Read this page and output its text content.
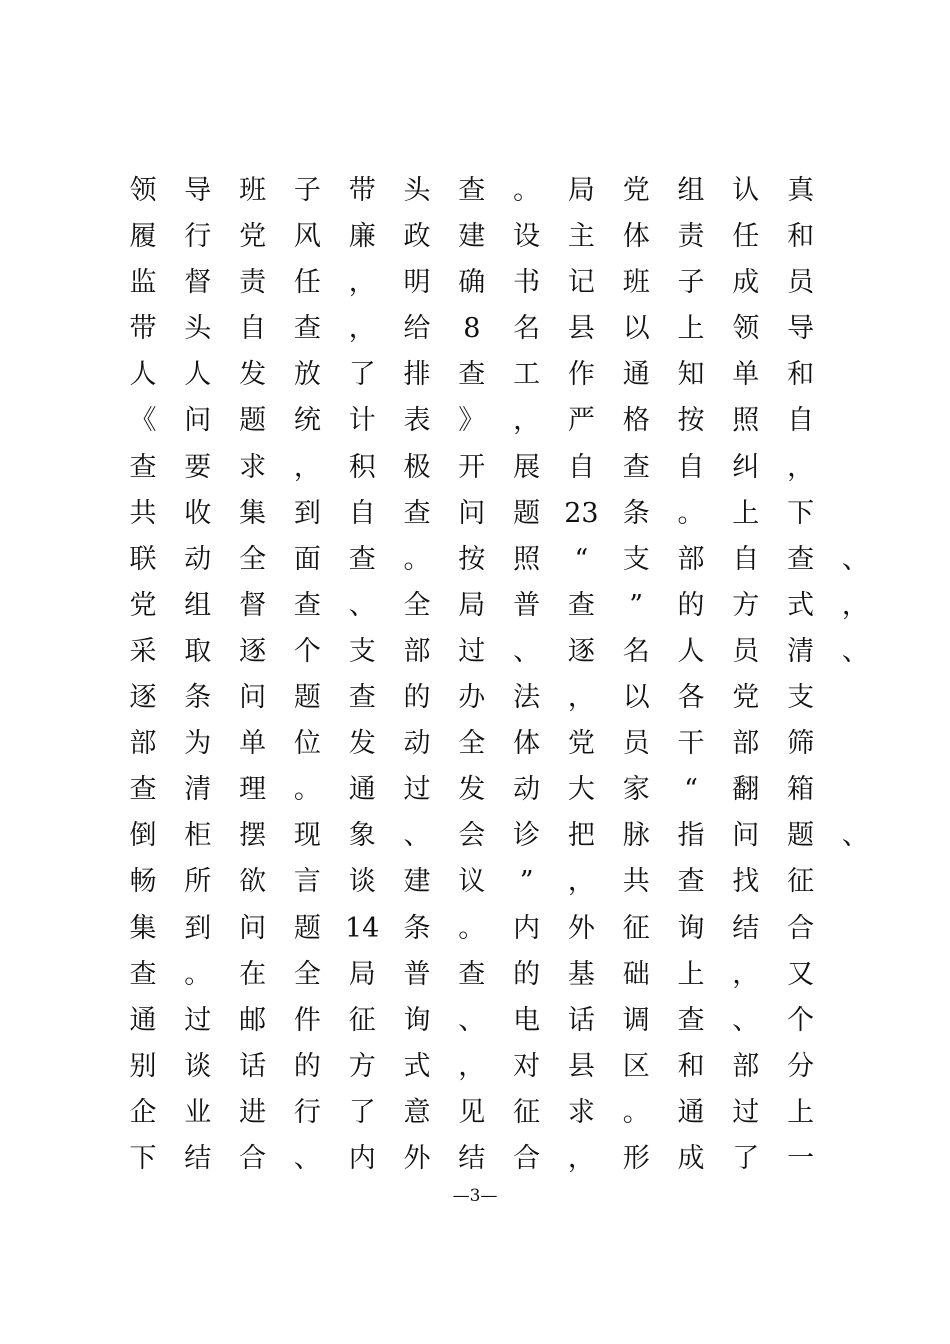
领 导 班 子 带 头 查 。 局 党 组 认 真
履 行 党 风 廉 政 建 设 主 体 责 任 和
监 督 责 任 ， 明 确 书 记 班 子 成 员
带 头 自 查 ， 给	8	名 县 以 上 领 导
人 人 发 放 了 排 查 工 作 通 知 单 和
《 问 题 统 计 表 》 ， 严 格 按 照 自
查 要 求 ， 积 极 开 展 自 查 自 纠 ，
共 收 集 到 自 查 问 题 23 条 。 上 下
联 动 全 面 查 。 按 照	“	支 部 自 查 、
党 组 督 查 、 全 局 普 查	”	的 方 式 ，
采 取 逐 个 支 部 过 、 逐 名 人 员 清 、
逐 条 问 题 查 的 办 法 ， 以 各 党 支
部 为 单 位 发 动 全 体 党 员 干 部 筛
查 清 理 。 通 过 发 动 大 家	“	翻 箱
倒 柜 摆 现 象 、 会 诊 把 脉 指 问 题 、
畅 所 欲 言 谈 建 议	”	， 共 查 找 征
集 到 问 题 14 条 。 内 外 征 询 结 合
查 。 在 全 局 普 查 的 基 础 上 ， 又
通 过 邮 件 征 询 、 电 话 调 查 、 个
别 谈 话 的 方 式 ， 对 县 区 和 部 分
企 业 进 行 了 意 见 征 求 。 通 过 上
下 结 合 、 内 外 结 合 ， 形 成 了 一
—3—
